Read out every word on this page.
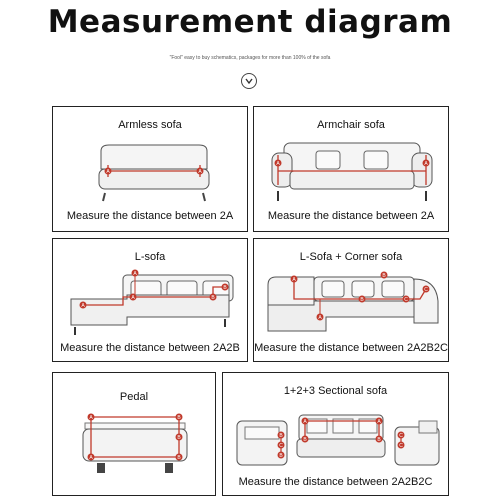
Measurement diagram
"Fool" easy to buy schematics, packages for more than 100% of the sofa
Armless sofa
A	A
Measure the distance between 2A
Armchair sofa
A	A
Measure the distance between 2A
L-sofa
A
A	B
B
A
Measure the distance between 2A2B
L-Sofa + Corner sofa
A
A
B
C
C
B
Measure the distance between 2A2B2C
Pedal
A	B
B
A	B
1+2+3 Sectional sofa
A	A
B	B
B
C
B
C
C
Measure the distance between 2A2B2C
